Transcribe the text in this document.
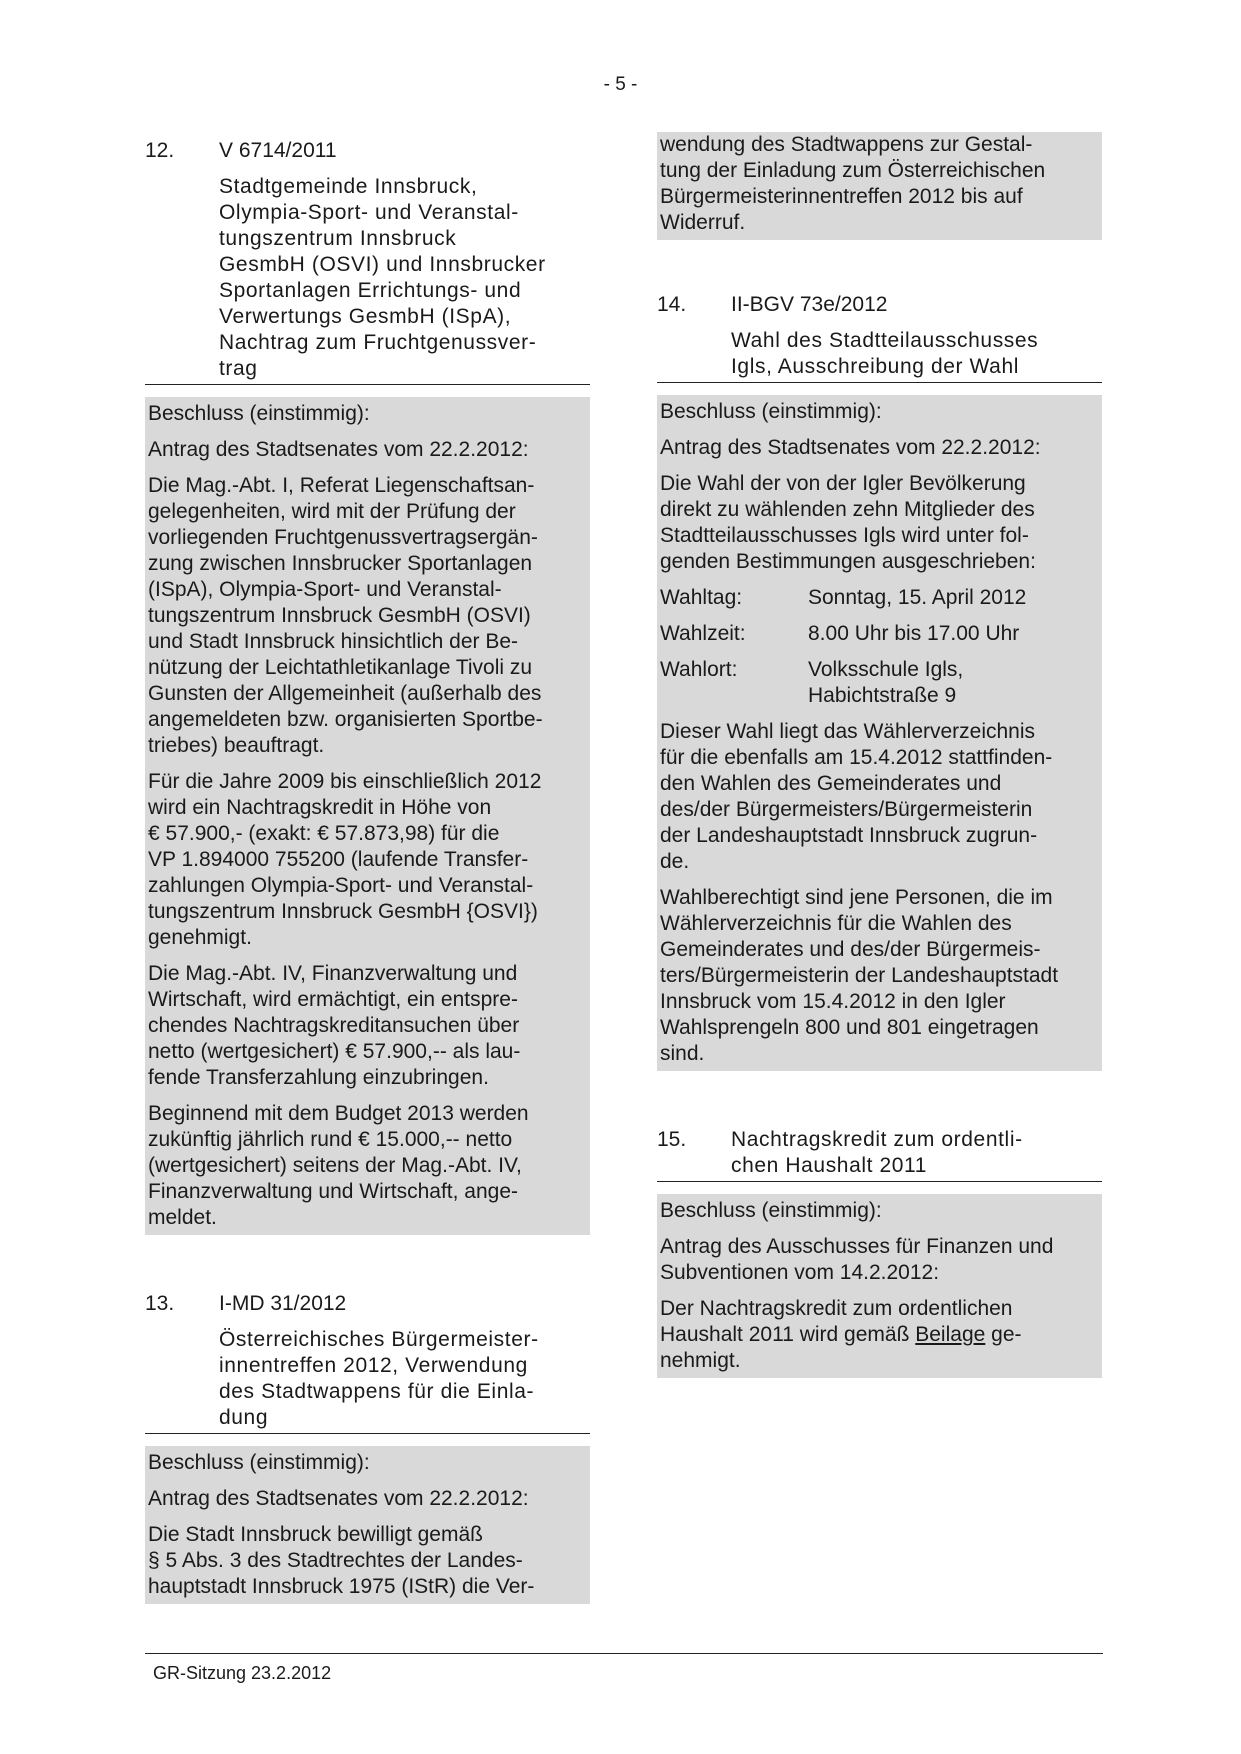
- 5 -
12.	V 6714/2011
Stadtgemeinde Innsbruck,
Olympia-Sport- und Veranstal-
tungszentrum Innsbruck
GesmbH (OSVI) und Innsbrucker
Sportanlagen Errichtungs- und
Verwertungs GesmbH (ISpA),
Nachtrag zum Fruchtgenussver-
trag

Beschluss (einstimmig):

Antrag des Stadtsenates vom 22.2.2012:

Die Mag.-Abt. I, Referat Liegenschaftsan-
gelegenheiten, wird mit der Prüfung der
vorliegenden Fruchtgenussvertragsergän-
zung zwischen Innsbrucker Sportanlagen
(ISpA), Olympia-Sport- und Veranstal-
tungszentrum Innsbruck GesmbH (OSVI)
und Stadt Innsbruck hinsichtlich der Be-
nützung der Leichtathletikanlage Tivoli zu
Gunsten der Allgemeinheit (außerhalb des
angemeldeten bzw. organisierten Sportbe-
triebes) beauftragt.

Für die Jahre 2009 bis einschließlich 2012
wird ein Nachtragskredit in Höhe von
€ 57.900,- (exakt: € 57.873,98) für die
VP 1.894000 755200 (laufende Transfer-
zahlungen Olympia-Sport- und Veranstal-
tungszentrum Innsbruck GesmbH {OSVI})
genehmigt.

Die Mag.-Abt. IV, Finanzverwaltung und
Wirtschaft, wird ermächtigt, ein entspre-
chendes Nachtragskreditansuchen über
netto (wertgesichert) € 57.900,-- als lau-
fende Transferzahlung einzubringen.

Beginnend mit dem Budget 2013 werden
zukünftig jährlich rund € 15.000,-- netto
(wertgesichert) seitens der Mag.-Abt. IV,
Finanzverwaltung und Wirtschaft, ange-
meldet.

13.	I-MD 31/2012
Österreichisches Bürgermeister-
innentreffen 2012, Verwendung
des Stadtwappens für die Einla-
dung

Beschluss (einstimmig):

Antrag des Stadtsenates vom 22.2.2012:

Die Stadt Innsbruck bewilligt gemäß
§ 5 Abs. 3 des Stadtrechtes der Landes-
hauptstadt Innsbruck 1975 (IStR) die Ver-

wendung des Stadtwappens zur Gestal-
tung der Einladung zum Österreichischen
Bürgermeisterinnentreffen 2012 bis auf
Widerruf.

14.	II-BGV 73e/2012
Wahl des Stadtteilausschusses
Igls, Ausschreibung der Wahl

Beschluss (einstimmig):

Antrag des Stadtsenates vom 22.2.2012:

Die Wahl der von der Igler Bevölkerung
direkt zu wählenden zehn Mitglieder des
Stadtteilausschusses Igls wird unter fol-
genden Bestimmungen ausgeschrieben:

Wahltag:	Sonntag, 15. April 2012
Wahlzeit:	8.00 Uhr bis 17.00 Uhr
Wahlort:	Volksschule Igls,
Habichtstraße 9

Dieser Wahl liegt das Wählerverzeichnis
für die ebenfalls am 15.4.2012 stattfinden-
den Wahlen des Gemeinderates und
des/der Bürgermeisters/Bürgermeisterin
der Landeshauptstadt Innsbruck zugrun-
de.

Wahlberechtigt sind jene Personen, die im
Wählerverzeichnis für die Wahlen des
Gemeinderates und des/der Bürgermeis-
ters/Bürgermeisterin der Landeshauptstadt
Innsbruck vom 15.4.2012 in den Igler
Wahlsprengeln 800 und 801 eingetragen
sind.

15.	Nachtragskredit zum ordentli-
chen Haushalt 2011

Beschluss (einstimmig):

Antrag des Ausschusses für Finanzen und
Subventionen vom 14.2.2012:

Der Nachtragskredit zum ordentlichen
Haushalt 2011 wird gemäß Beilage ge-
nehmigt.

GR-Sitzung 23.2.2012
